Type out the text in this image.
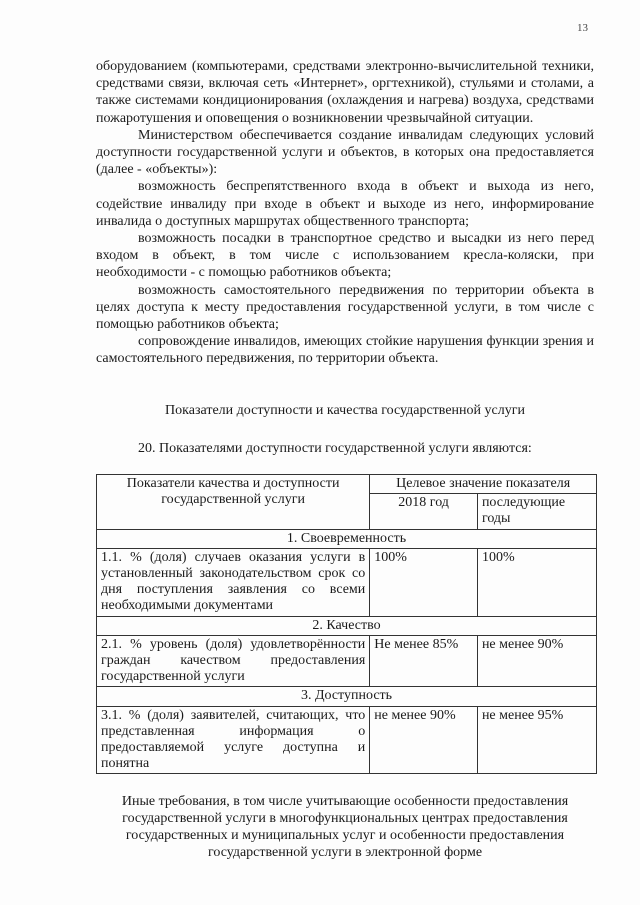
13

оборудованием (компьютерами, средствами электронно-вычислительной техники, средствами связи, включая сеть «Интернет», оргтехникой), стульями и столами, а также системами кондиционирования (охлаждения и нагрева) воздуха, средствами пожаротушения и оповещения о возникновении чрезвычайной ситуации.

Министерством обеспечивается создание инвалидам следующих условий доступности государственной услуги и объектов, в которых она предоставляется (далее - «объекты»):

возможность беспрепятственного входа в объект и выхода из него, содействие инвалиду при входе в объект и выходе из него, информирование инвалида о доступных маршрутах общественного транспорта;

возможность посадки в транспортное средство и высадки из него перед входом в объект, в том числе с использованием кресла-коляски, при необходимости - с помощью работников объекта;

возможность самостоятельного передвижения по территории объекта в целях доступа к месту предоставления государственной услуги, в том числе с помощью работников объекта;

сопровождение инвалидов, имеющих стойкие нарушения функции зрения и самостоятельного передвижения, по территории объекта.

Показатели доступности и качества государственной услуги
20. Показателями доступности государственной услуги являются:
Показатели качества и доступности государственной услуги	Целевое значение показателя	
	2018 год	последующие годы
1. Своевременность		
1.1. % (доля) случаев оказания услуги в установленный законодательством срок со дня поступления заявления со всеми необходимыми документами	100%	100%
2. Качество		
2.1. % уровень (доля) удовлетворённости граждан качеством предоставления государственной услуги	Не менее 85%	не менее 90%
3. Доступность		
3.1. % (доля) заявителей, считающих, что представленная информация о предоставляемой услуге доступна и понятна	не менее 90%	не менее 95%
Иные требования, в том числе учитывающие особенности предоставления государственной услуги в многофункциональных центрах предоставления государственных и муниципальных услуг и особенности предоставления государственной услуги в электронной форме
